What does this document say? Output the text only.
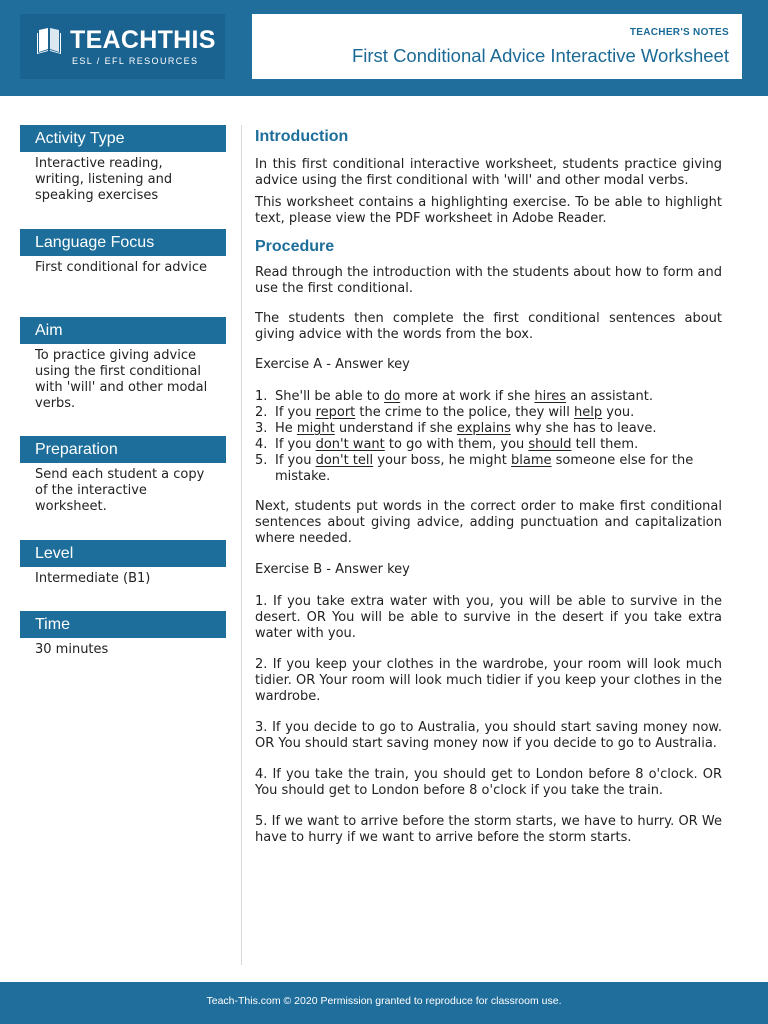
TEACHTHIS
ESL / EFL RESOURCES
TEACHER'S NOTES
First Conditional Advice Interactive Worksheet
Activity Type
Interactive reading, writing, listening and speaking exercises
Language Focus
First conditional for advice
Aim
To practice giving advice using the first conditional with 'will' and other modal verbs.
Preparation
Send each student a copy of the interactive worksheet.
Level
Intermediate (B1)
Time
30 minutes
Introduction

In this first conditional interactive worksheet, students practice giving advice using the first conditional with 'will' and other modal verbs.

This worksheet contains a highlighting exercise. To be able to highlight text, please view the PDF worksheet in Adobe Reader.

Procedure

Read through the introduction with the students about how to form and use the first conditional.

The students then complete the first conditional sentences about giving advice with the words from the box.

Exercise A - Answer key

1. She'll be able to do more at work if she hires an assistant.
2. If you report the crime to the police, they will help you.
3. He might understand if she explains why she has to leave.
4. If you don't want to go with them, you should tell them.
5. If you don't tell your boss, he might blame someone else for the mistake.

Next, students put words in the correct order to make first conditional sentences about giving advice, adding punctuation and capitalization where needed.

Exercise B - Answer key

1. If you take extra water with you, you will be able to survive in the desert. OR You will be able to survive in the desert if you take extra water with you.

2. If you keep your clothes in the wardrobe, your room will look much tidier. OR Your room will look much tidier if you keep your clothes in the wardrobe.

3. If you decide to go to Australia, you should start saving money now. OR You should start saving money now if you decide to go to Australia.

4. If you take the train, you should get to London before 8 o'clock. OR You should get to London before 8 o'clock if you take the train.

5. If we want to arrive before the storm starts, we have to hurry. OR We have to hurry if we want to arrive before the storm starts.

Teach-This.com © 2020 Permission granted to reproduce for classroom use.
